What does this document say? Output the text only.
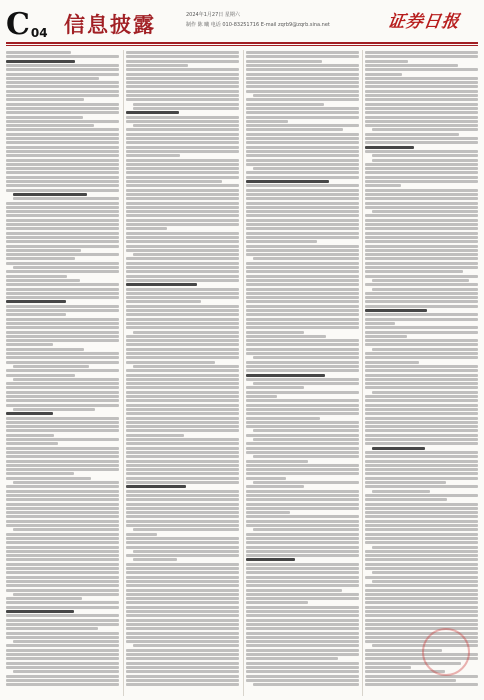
C 04 信息披露	2024年1月27日 星期六
制作 陈 曦 电话 010-83251716 E-mail zqrb9@zqrb.sina.net	证券日报
